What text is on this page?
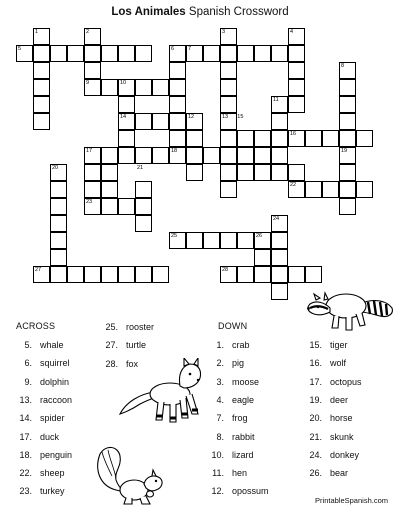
Los Animales Spanish Crossword
1	2	3	4
5	6	7
8
9	10
11
12	13
14	15
16
17	18	19
20	21
22
23
24
25	26
27	28
ACROSS	DOWN
5. whale
6. squirrel
9. dolphin
13. raccoon
14. spider
17. duck
18. penguin
22. sheep
23. turkey
25. rooster
27. turtle
28. fox
1. crab
2. pig
3. moose
4. eagle
7. frog
8. rabbit
10. lizard
11. hen
12. opossum
15. tiger
16. wolf
17. octopus
19. deer
20. horse
21. skunk
24. donkey
26. bear
PrintableSpanish.com
